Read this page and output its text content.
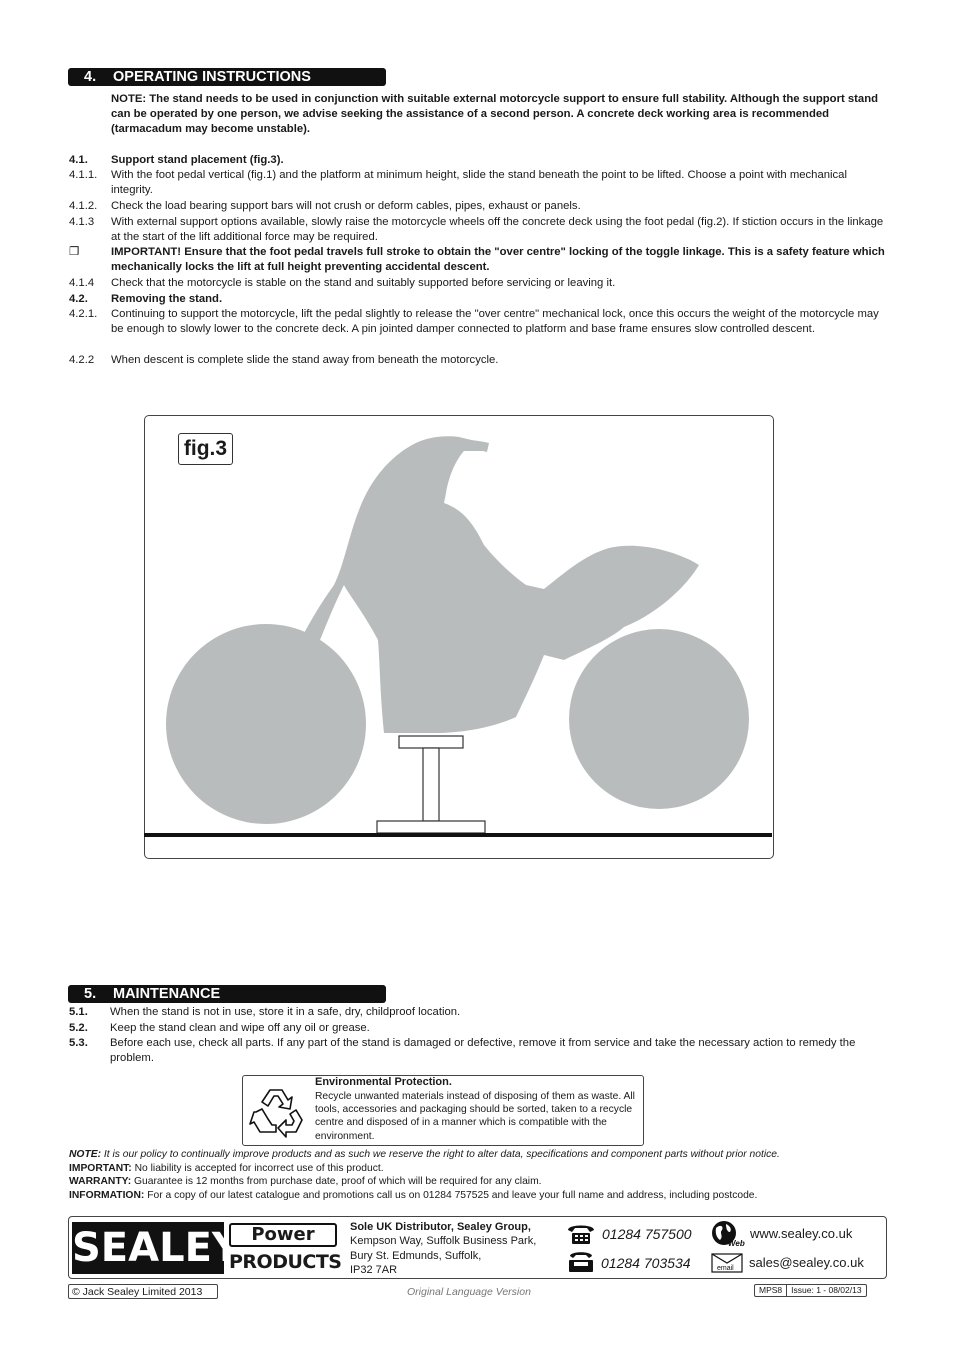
4. OPERATING INSTRUCTIONS
NOTE: The stand needs to be used in conjunction with suitable external motorcycle support to ensure full stability. Although the support stand can be operated by one person, we advise seeking the assistance of a second person. A concrete deck working area is recommended (tarmacadum may become unstable).
4.1.	Support stand placement (fig.3).
4.1.1.	With the foot pedal vertical (fig.1) and the platform at minimum height, slide the stand beneath the point to be lifted. Choose a point with mechanical integrity.
4.1.2.	Check the load bearing support bars will not crush or deform cables, pipes, exhaust or panels.
4.1.3	With external support options available, slowly raise the motorcycle wheels off the concrete deck using the foot pedal (fig.2). If stiction occurs in the linkage at the start of the lift additional force may be required.
❐	IMPORTANT! Ensure that the foot pedal travels full stroke to obtain the "over centre" locking of the toggle linkage. This is a safety feature which mechanically locks the lift at full height preventing accidental descent.
4.1.4	Check that the motorcycle is stable on the stand and suitably supported before servicing or leaving it.
4.2.	Removing the stand.
4.2.1.	Continuing to support the motorcycle, lift the pedal slightly to release the "over centre" mechanical lock, once this occurs the weight of the motorcycle may be enough to slowly lower to the concrete deck. A pin jointed damper connected to platform and base frame ensures slow controlled descent.
4.2.2	When descent is complete slide the stand away from beneath the motorcycle.
fig.3
5. MAINTENANCE
5.1.	When the stand is not in use, store it in a safe, dry, childproof location.
5.2.	Keep the stand clean and wipe off any oil or grease.
5.3.	Before each use, check all parts. If any part of the stand is damaged or defective, remove it from service and take the necessary action to remedy the problem.
Environmental Protection.
Recycle unwanted materials instead of disposing of them as waste. All tools, accessories and packaging should be sorted, taken to a recycle centre and disposed of in a manner which is compatible with the environment.
NOTE: It is our policy to continually improve products and as such we reserve the right to alter data, specifications and component parts without prior notice.
IMPORTANT: No liability is accepted for incorrect use of this product.
WARRANTY: Guarantee is 12 months from purchase date, proof of which will be required for any claim.
INFORMATION: For a copy of our latest catalogue and promotions call us on 01284 757525 and leave your full name and address, including postcode.
SEALEY Power
PRODUCTS
Sole UK Distributor, Sealey Group,
Kempson Way, Suffolk Business Park,
Bury St. Edmunds, Suffolk,
IP32 7AR
01284 757500
01284 703534
Web
www.sealey.co.uk
email sales@sealey.co.uk
© Jack Sealey Limited 2013	Original Language Version	MPS8	Issue: 1 - 08/02/13
